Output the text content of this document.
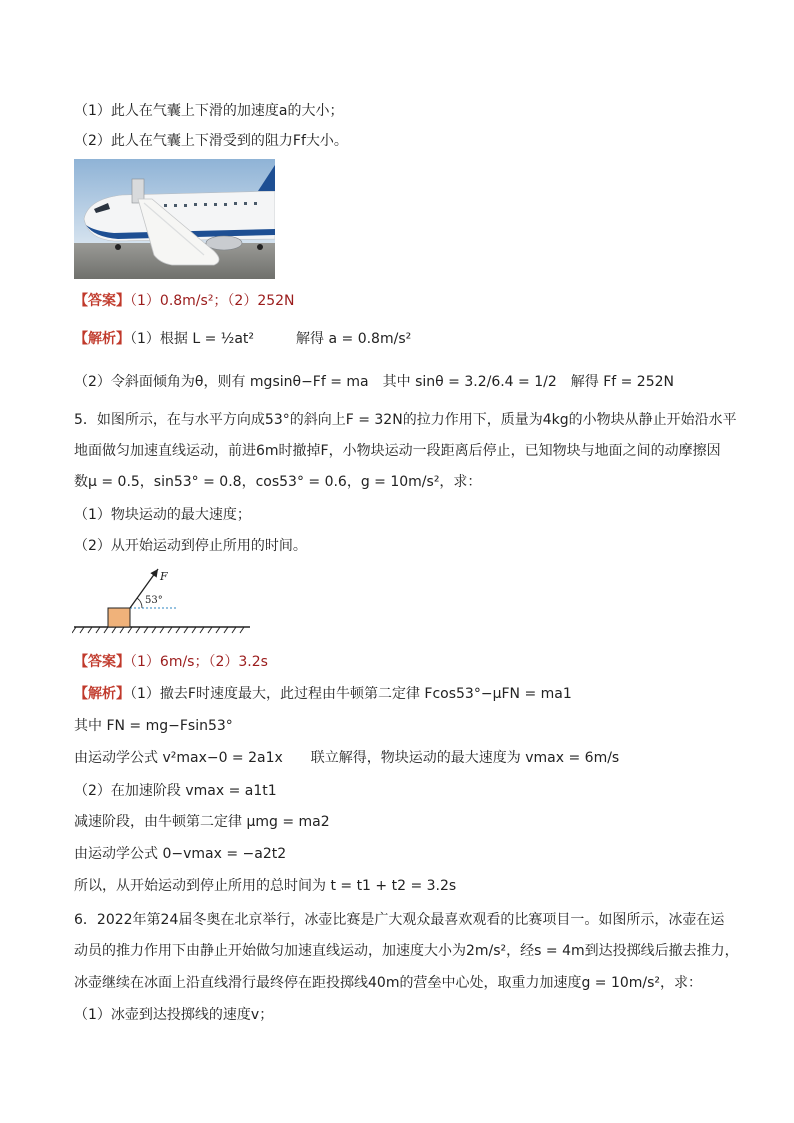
（1）此人在气囊上下滑的加速度a的大小；
（2）此人在气囊上下滑受到的阻力Ff大小。
【答案】（1）0.8m/s²；（2）252N
【解析】（1）根据 L = ½at²　　　解得 a = 0.8m/s²
（2）令斜面倾角为θ，则有 mgsinθ−Ff = ma　其中 sinθ = 3.2/6.4 = 1/2　解得 Ff = 252N
5．如图所示，在与水平方向成53°的斜向上F = 32N的拉力作用下，质量为4kg的小物块从静止开始沿水平
地面做匀加速直线运动，前进6m时撤掉F，小物块运动一段距离后停止，已知物块与地面之间的动摩擦因
数μ = 0.5，sin53° = 0.8，cos53° = 0.6，g = 10m/s²，求：
（1）物块运动的最大速度；
（2）从开始运动到停止所用的时间。
F
53°
【答案】（1）6m/s；（2）3.2s
【解析】（1）撤去F时速度最大，此过程由牛顿第二定律 Fcos53°−μFN = ma1
其中 FN = mg−Fsin53°
由运动学公式 v²max−0 = 2a1x　　联立解得，物块运动的最大速度为 vmax = 6m/s
（2）在加速阶段 vmax = a1t1
减速阶段，由牛顿第二定律 μmg = ma2
由运动学公式 0−vmax = −a2t2
所以，从开始运动到停止所用的总时间为 t = t1 + t2 = 3.2s
6．2022年第24届冬奥在北京举行，冰壶比赛是广大观众最喜欢观看的比赛项目一。如图所示，冰壶在运
动员的推力作用下由静止开始做匀加速直线运动，加速度大小为2m/s²，经s = 4m到达投掷线后撤去推力，
冰壶继续在冰面上沿直线滑行最终停在距投掷线40m的营垒中心处，取重力加速度g = 10m/s²，求：
（1）冰壶到达投掷线的速度v；
